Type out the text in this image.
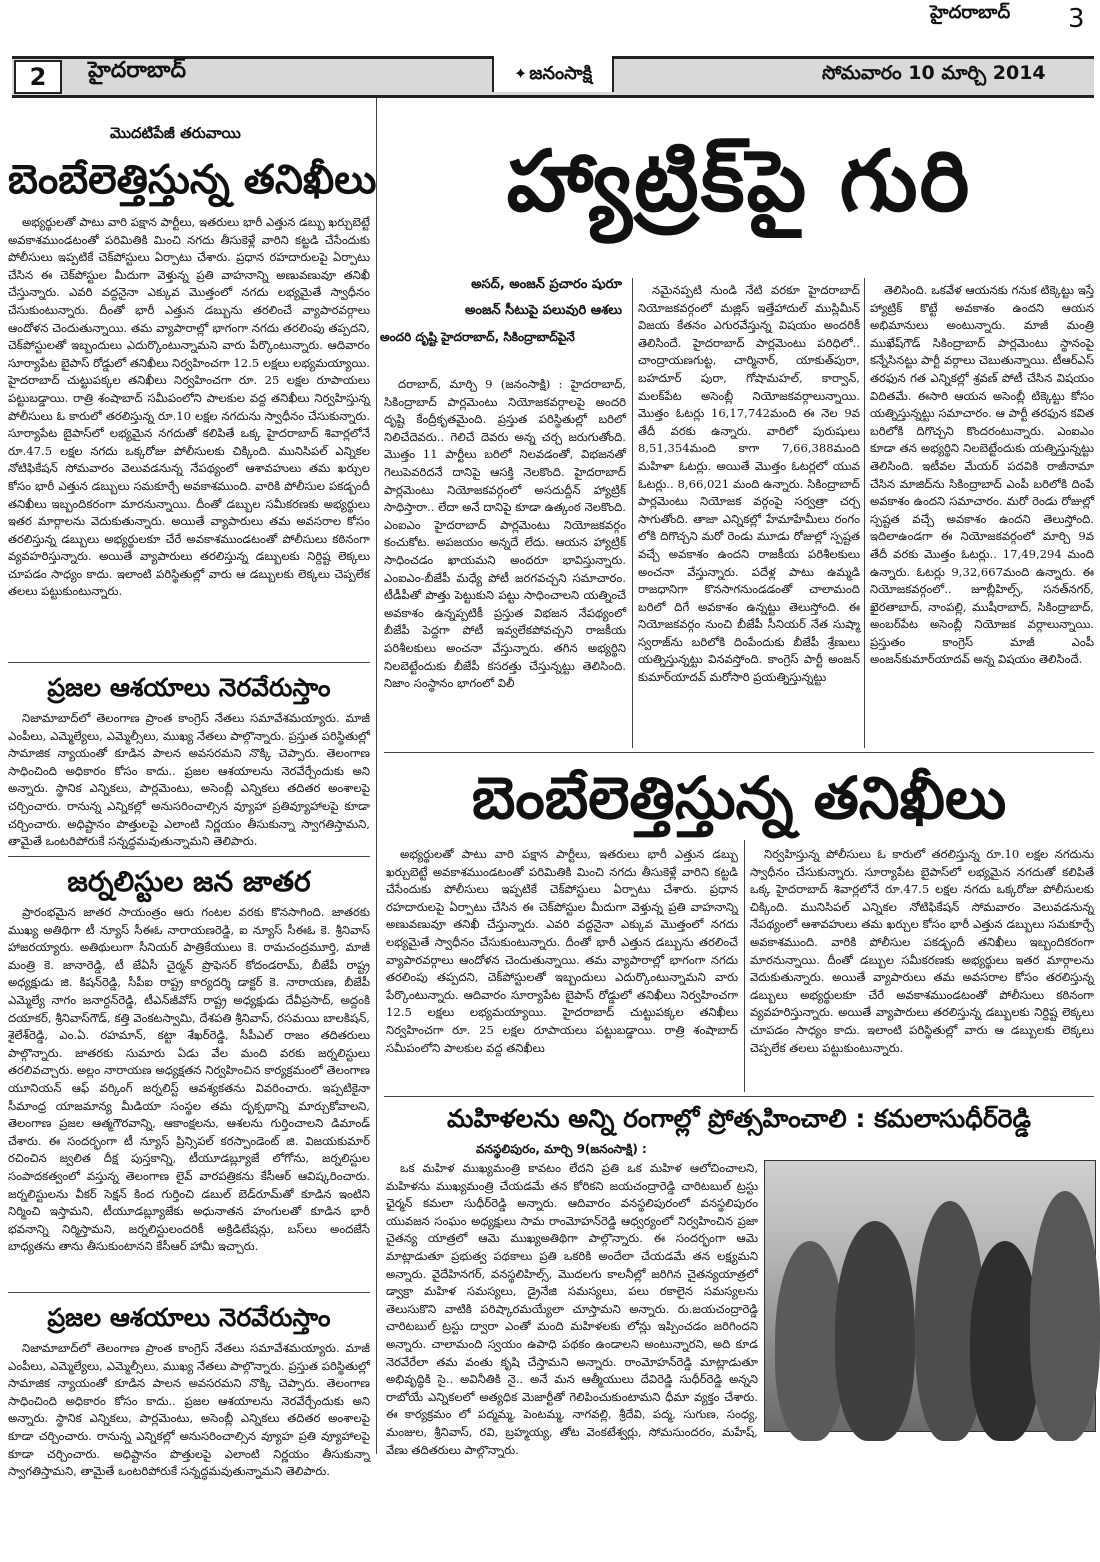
హైదరాబాద్ 3
2	హైదరాబాద్	✦ జనంసాక్షి	సోమవారం 10 మార్చి 2014
మొదటిపేజీ తరువాయి
బెంబేలెత్తిస్తున్న తనిఖీలు

అభ్యర్థులతో పాటు వారి పక్షాన పార్టీలు, ఇతరులు భారీ ఎత్తున డబ్బు ఖర్చుబెట్టే అవకాశముండటంతో పరిమితికి మించి నగదు తీసుకెళ్లే వారిని కట్టడి చేసేందుకు పోలీసులు ఇప్పటికే చెక్‌పోస్టులు ఏర్పాటు చేశారు. ప్రధాన రహదారులపై ఏర్పాటు చేసిన ఈ చెక్‌పోస్టుల మీదుగా వెళ్తున్న ప్రతి వాహనాన్ని అణువణువూ తనిఖీ చేస్తున్నారు. ఎవరి వద్దనైనా ఎక్కువ మొత్తంలో నగదు లభ్యమైతే స్వాధీనం చేసుకుంటున్నారు. దీంతో భారీ ఎత్తున డబ్బును తరలించే వ్యాపారవర్గాలు ఆందోళన చెందుతున్నాయి. తమ వ్యాపారాల్లో భాగంగా నగదు తరలింపు తప్పదని, చెక్‌పోస్టులతో ఇబ్బందులు ఎదుర్కొంటున్నామని వారు పేర్కొంటున్నారు. ఆదివారం సూర్యాపేట బైపాస్ రోడ్డులో తనిఖీలు నిర్వహించగా 12.5 లక్షలు లభ్యమయ్యాయి. హైదరాబాద్ చుట్టుపక్కల తనిఖీలు నిర్వహించగా రూ. 25 లక్షల రూపాయలు పట్టుబడ్డాయి. రాత్రి శంషాబాద్ సమీపంలోని పాలకుల వద్ద తనిఖీలు నిర్వహిస్తున్న పోలీసులు ఓ కారులో తరలిస్తున్న రూ.10 లక్షల నగదును స్వాధీనం చేసుకున్నారు. సూర్యాపేట బైపాస్‌లో లభ్యమైన నగదుతో కలిపితే ఒక్క హైదరాబాద్ శివార్లలోనే రూ.47.5 లక్షల నగదు ఒక్కరోజు పోలీసులకు చిక్కింది. మునిసిపల్ ఎన్నికల నోటిఫికేషన్ సోమవారం వెలువడనున్న నేపథ్యంలో ఆశావహులు తమ ఖర్చుల కోసం భారీ ఎత్తున డబ్బులు సమకూర్చే అవకాశముంది. వారికి పోలీసుల పకడ్బందీ తనిఖీలు ఇబ్బందికరంగా మారనున్నాయి. దీంతో డబ్బుల సమీకరణకు అభ్యర్థులు ఇతర మార్గాలను వెదుకుతున్నారు. అయితే వ్యాపారులు తమ అవసరాల కోసం తరలిస్తున్న డబ్బులు అభ్యర్థులకూ చేరే అవకాశముండటంతో పోలీసులు కఠినంగా వ్యవహరిస్తున్నారు. అయితే వ్యాపారులు తరలిస్తున్న డబ్బులకు నిర్దిష్ట లెక్కలు చూపడం సాధ్యం కాదు. ఇలాంటి పరిస్థితుల్లో వారు ఆ డబ్బులకు లెక్కలు చెప్పలేక తలలు పట్టుకుంటున్నారు.

ప్రజల ఆశయాలు నెరవేరుస్తాం

నిజామాబాద్‌లో తెలంగాణ ప్రాంత కాంగ్రెస్ నేతలు సమావేశమయ్యారు. మాజీ ఎంపీలు, ఎమ్మెల్యేలు, ఎమ్మెల్సీలు, ముఖ్య నేతలు పాల్గొన్నారు. ప్రస్తుత పరిస్థితుల్లో సామాజిక న్యాయంతో కూడిన పాలన అవసరమని నొక్కి చెప్పారు. తెలంగాణ సాధించింది అధికారం కోసం కాదు.. ప్రజల ఆశయాలను నెరవేర్చేందుకు అని అన్నారు. స్థానిక ఎన్నికలు, పార్లమెంటు, అసెంబ్లీ ఎన్నికలు తదితర అంశాలపై చర్చించారు. రానున్న ఎన్నికల్లో అనుసరించాల్సిన వ్యూహా ప్రతివ్యూహాలపై కూడా చర్చించారు. అధిష్టానం పొత్తులపై ఎలాంటి నిర్ణయం తీసుకున్నా స్వాగతిస్తామని, తామైతే ఒంటరిపోరుకే సన్నద్ధమవుతున్నామని తెలిపారు.

జర్నలిస్టుల జన జాతర

ప్రారంభమైన జాతర సాయంత్రం ఆరు గంటల వరకు కొనసాగింది. జాతరకు ముఖ్య అతిథిగా టీ న్యూస్ సీఈఓ నారాయణరెడ్డి, ఐ న్యూస్ సీఈఓ కె. శ్రీనివాస్ హాజరయ్యారు. అతిథులుగా సీనియర్ పాత్రికేయులు కె. రామచంద్రమూర్తి, మాజీ మంత్రి కె. జానారెడ్డి, టీ జేఏసీ చైర్మన్ ప్రొఫెసర్ కోదండరామ్, బీజేపీ రాష్ట్ర అధ్యక్షుడు జి. కిషన్‌రెడ్డి, సీపీఐ రాష్ట్ర కార్యదర్శి డాక్టర్ కె. నారాయణ, బీజేపీ ఎమ్మెల్యే నాగం జనార్దన్‌రెడ్డి, టీఎన్‌జీవోస్ రాష్ట్ర అధ్యక్షుడు దేవీప్రసాద్, అద్దంకి దయాకర్, శ్రీనివాస్‌గౌడ్, కత్తి వెంకటస్వామి, దేశపతి శ్రీనివాస్, రసమయి బాలకిషన్, శైలేశ్‌రెడ్డి, ఎం.ఏ. రహమాన్, కట్టా శేఖర్‌రెడ్డి, సీపీఎల్ రాజం తదితరులు పాల్గొన్నారు. జాతరకు సుమారు ఏడు వేల మంది వరకు జర్నలిస్టులు తరలివచ్చారు. అల్లం నారాయణ అధ్యక్షతన నిర్వహించిన కార్యక్రమంలో తెలంగాణ యూనియన్ ఆఫ్ వర్కింగ్ జర్నలిస్ట్ ఆవశ్యకతను వివరించారు. ఇప్పటికైనా సీమాంధ్ర యాజమాన్య మీడియా సంస్థల తమ దృక్పథాన్ని మార్చుకోవాలని, తెలంగాణ ప్రజల ఆత్మగౌరవాన్ని, ఆకాంక్షలను, ఆశలను గుర్తించాలని డిమాండ్ చేశారు. ఈ సందర్భంగా టీ న్యూస్ ప్రిన్సిపల్ కరస్పాండెంట్ జి. విజయకుమార్ రచించిన జ్వలిత దీక్ష పుస్తకాన్ని, టీయూడబ్ల్యూజే లోగోను, జర్నలిస్టుల సంపాదకత్వంలో వస్తున్న తెలంగాణ లైవ్ వారపత్రికను కేసీఆర్ ఆవిష్కరించారు. జర్నలిస్టులను వీకర్ సెక్షన్ కింద గుర్తించి డబుల్ బెడ్‌రూమ్‌తో కూడిన ఇంటిని నిర్మించి ఇస్తామని, టీయూడబ్ల్యూజేకు అధునాతన హంగులతో కూడిన భారీ భవనాన్ని నిర్మిస్తామని, జర్నలిస్టులందరికీ అక్రిడిటేషన్లు, బస్‌లు అందజేసే బాధ్యతను తాను తీసుకుంటానని కేసీఆర్ హామీ ఇచ్చారు.

ప్రజల ఆశయాలు నెరవేరుస్తాం

నిజామాబాద్‌లో తెలంగాణ ప్రాంత కాంగ్రెస్ నేతలు సమావేశమయ్యారు. మాజీ ఎంపీలు, ఎమ్మెల్యేలు, ఎమ్మెల్సీలు, ముఖ్య నేతలు పాల్గొన్నారు. ప్రస్తుత పరిస్థితుల్లో సామాజిక న్యాయంతో కూడిన పాలన అవసరమని నొక్కి చెప్పారు. తెలంగాణ సాధించింది అధికారం కోసం కాదు.. ప్రజల ఆశయాలను నెరవేర్చేందుకు అని అన్నారు. స్థానిక ఎన్నికలు, పార్లమెంటు, అసెంబ్లీ ఎన్నికలు తదితర అంశాలపై కూడా చర్చించారు. రానున్న ఎన్నికల్లో అనుసరించాల్సిన వ్యూహ ప్రతి వ్యూహాలపై కూడా చర్చించారు. అధిష్టానం పొత్తులపై ఎలాంటి నిర్ణయం తీసుకున్నా స్వాగతిస్తామని, తామైతే ఒంటరిపోరుకే సన్నద్ధమవుతున్నామని తెలిపారు.

హ్యాట్రిక్‌పై గురి
అసద్, అంజన్ ప్రచారం షురూ
అంజన్ సీటుపై పలువురి ఆశలు
అందరి దృష్టి హైదరాబాద్, సికింద్రాబాద్‌పైనే

దరాబాద్, మార్చి 9 (జనంసాక్షి) : హైదరాబాద్, సికింద్రాబాద్ పార్లమెంటు నియోజకవర్గాలపై అందరి దృష్టి కేంద్రీకృతమైంది. ప్రస్తుత పరిస్థితుల్లో బరిలో నిలిచేదెవరు.. గెలిచే దెవరు అన్న చర్చ జరుగుతోంది. మొత్తం 11 పార్టీలు బరిలో నిలవడంతో, విభజనతో గెలుపెవరిదనే దానిపై ఆసక్తి నెలకొంది. హైదరాబాద్ పార్లమెంటు నియోజకవర్గంలో అసదుద్దీన్ హ్యాట్రిక్ సాధిస్తారా.. లేదా అనే దానిపై కూడా ఉత్కంఠ నెలకొంది. ఎంఐఎం హైదరాబాద్ పార్లమెంటు నియోజకవర్గం కంచుకోట. అపజయం అన్నదే లేదు. ఆయన హ్యాట్రిక్ సాధించడం ఖాయమని అందరూ భావిస్తున్నారు. ఎంఐఎం-బీజేపీ మధ్యే పోటీ జరగవచ్చని సమాచారం. టీడీపీతో పొత్తు పెట్టుకుని పట్టు సాధించాలని యత్నించే అవకాశం ఉన్నప్పటికీ ప్రస్తుత విభజన నేపథ్యంలో బీజేపీ పెద్దగా పోటీ ఇవ్వలేకపోవచ్చని రాజకీయ పరిశీలకులు అంచనా వేస్తున్నారు. తగిన అభ్యర్థిని నిలబెట్టేందుకు బీజేపీ కసరత్తు చేస్తున్నట్టు తెలిసింది. నిజాం సంస్థానం భాగంలో విలీ

నమైనప్పటి నుండి నేటి వరకూ హైదరాబాద్ నియోజకవర్గంలో మజ్లిస్ ఇత్తేహాదుల్ ముస్లిమీన్ విజయ కేతనం ఎగురవేస్తున్న విషయం అందరికీ తెలిసిందే. హైదరాబాద్ పార్లమెంటు పరిధిలో.. చాంద్రాయణగుట్ట, చార్మినార్, యాకుత్‌పురా, బహదూర్ పురా, గోషామహల్, కార్వాన్, మలక్‌పేట అసెంబ్లీ నియోజకవర్గాలున్నాయి. మొత్తం ఓటర్లు 16,17,742మంది ఈ నెల 9వ తేదీ వరకు ఉన్నారు. వారిలో పురుషులు 8,51,354మంది కాగా 7,66,388మంది మహిళా ఓటర్లు. అయితే మొత్తం ఓటర్లలో యువ ఓటర్లు.. 8,66,021 మంది ఉన్నారు. సికింద్రాబాద్ పార్లమెంటు నియోజక వర్గంపై సర్వత్రా చర్చ సాగుతోంది. తాజా ఎన్నికల్లో హేమాహేమీలు రంగం లోకి దిగొచ్చని మరో రెండు మూడు రోజుల్లో స్పష్టత వచ్చే అవకాశం ఉందని రాజకీయ పరిశీలకులు అంచనా వేస్తున్నారు. పదేళ్ల పాటు ఉమ్మడి రాజధానిగా కొనసాగనుండడంతో చాలామంది బరిలో దిగే అవకాశం ఉన్నట్టు తెలుస్తోంది. ఈ నియోజకవర్గం నుంచి బీజేపీ సీనియర్ నేత సుష్మా స్వరాజ్‌ను బరిలోకి దింపేందుకు బీజేపీ శ్రేణులు యత్నిస్తున్నట్టు వినవస్తోంది. కాంగ్రెస్ పార్టీ అంజన్ కుమార్‌యాదవ్ మరోసారి ప్రయత్నిస్తున్నట్టు

తెలిసింది. ఒకవేళ ఆయనకు గనుక టిక్కెట్టు ఇస్తే హ్యాట్రిక్ కొట్టే అవకాశం ఉందని ఆయన అభిమానులు అంటున్నారు. మాజీ మంత్రి ముఖేష్‌గౌడ్ సికింద్రాబాద్ పార్లమెంటు స్థానంపై కన్నేసినట్టు పార్టీ వర్గాలు చెబుతున్నాయి. టీఆర్ఎస్ తరఫున గత ఎన్నికల్లో శ్రవణ్ పోటీ చేసిన విషయం విదితమే. ఈసారి ఆయన అసెంబ్లీ టిక్కెట్టు కోసం యత్నిస్తున్నట్టు సమాచారం. ఆ పార్టీ తరఫున కవిత బరిలోకి దిగొచ్చని కొందరంటున్నారు. ఎంఐఎం కూడా తన అభ్యర్థిని నిలబెట్టేందుకు యత్నిస్తున్నట్టు తెలిసింది. ఇటీవల మేయర్ పదవికి రాజీనామా చేసిన మాజిద్‌ను సికింద్రాబాద్ ఎంపీ బరిలోకి దింపే అవకాశం ఉందని సమాచారం. మరో రెండు రోజుల్లో స్పష్టత వచ్చే అవకాశం ఉందని తెలుస్తోంది. ఇదిలాఉండగా ఈ నియోజకవర్గంలో మార్చి 9వ తేదీ వరకు మొత్తం ఓటర్లు.. 17,49,294 మంది ఉన్నారు. ఓటర్లు 9,32,667మంది ఉన్నారు. ఈ నియోజకవర్గంలో.. జూబ్లీహిల్స్, సనత్‌నగర్, ఖైరతాబాద్, నాంపల్లి, ముషీరాబాద్, సికింద్రాబాద్, అంబర్‌పేట అసెంబ్లీ నియోజక వర్గాలున్నాయి. ప్రస్తుతం కాంగ్రెస్ మాజీ ఎంపీ అంజన్‌కుమార్‌యాదవ్ అన్న విషయం తెలిసిందే.

బెంబేలెత్తిస్తున్న తనిఖీలు

అభ్యర్థులతో పాటు వారి పక్షాన పార్టీలు, ఇతరులు భారీ ఎత్తున డబ్బు ఖర్చుబెట్టే అవకాశముండటంతో పరిమితికి మించి నగదు తీసుకెళ్లే వారిని కట్టడి చేసేందుకు పోలీసులు ఇప్పటికే చెక్‌పోస్టులు ఏర్పాటు చేశారు. ప్రధాన రహదారులపై ఏర్పాటు చేసిన ఈ చెక్‌పోస్టుల మీదుగా వెళ్తున్న ప్రతి వాహనాన్ని అణువణువూ తనిఖీ చేస్తున్నారు. ఎవరి వద్దనైనా ఎక్కువ మొత్తంలో నగదు లభ్యమైతే స్వాధీనం చేసుకుంటున్నారు. దీంతో భారీ ఎత్తున డబ్బును తరలించే వ్యాపారవర్గాలు ఆందోళన చెందుతున్నాయి. తమ వ్యాపారాల్లో భాగంగా నగదు తరలింపు తప్పదని, చెక్‌పోస్టులతో ఇబ్బందులు ఎదుర్కొంటున్నామని వారు పేర్కొంటున్నారు. ఆదివారం సూర్యాపేట బైపాస్ రోడ్డులో తనిఖీలు నిర్వహించగా 12.5 లక్షలు లభ్యమయ్యాయి. హైదరాబాద్ చుట్టుపక్కల తనిఖీలు నిర్వహించగా రూ. 25 లక్షల రూపాయలు పట్టుబడ్డాయి. రాత్రి శంషాబాద్ సమీపంలోని పాలకుల వద్ద తనిఖీలు

నిర్వహిస్తున్న పోలీసులు ఓ కారులో తరలిస్తున్న రూ.10 లక్షల నగదును స్వాధీనం చేసుకున్నారు. సూర్యాపేట బైపాస్‌లో లభ్యమైన నగదుతో కలిపితే ఒక్క హైదరాబాద్ శివార్లలోనే రూ.47.5 లక్షల నగదు ఒక్కరోజు పోలీసులకు చిక్కింది. మునిసిపల్ ఎన్నికల నోటిఫికేషన్ సోమవారం వెలువడనున్న నేపథ్యంలో ఆశావహులు తమ ఖర్చుల కోసం భారీ ఎత్తున డబ్బులు సమకూర్చే అవకాశముంది. వారికి పోలీసుల పకడ్బందీ తనిఖీలు ఇబ్బందికరంగా మారనున్నాయి. దీంతో డబ్బుల సమీకరణకు అభ్యర్థులు ఇతర మార్గాలను వెదుకుతున్నారు. అయితే వ్యాపారులు తమ అవసరాల కోసం తరలిస్తున్న డబ్బులు అభ్యర్థులకూ చేరే అవకాశముండటంతో పోలీసులు కఠినంగా వ్యవహరిస్తున్నారు. అయితే వ్యాపారులు తరలిస్తున్న డబ్బులకు నిర్దిష్ట లెక్కలు చూపడం సాధ్యం కాదు. ఇలాంటి పరిస్థితుల్లో వారు ఆ డబ్బులకు లెక్కలు చెప్పలేక తలలు పట్టుకుంటున్నారు.

మహిళలను అన్ని రంగాల్లో ప్రోత్సహించాలి : కమలాసుధీర్‌రెడ్డి
వనస్థలిపురం, మార్చి 9(జనంసాక్షి) :

ఒక మహిళ ముఖ్యమంత్రి కావటం లేదని ప్రతి ఒక మహిళ ఆలోచించాలని, మహిళను ముఖ్యమంత్రి చేయడమే తన కోరికని జయచంద్రారెడ్డి చారిటబుల్ ట్రస్టు ఛైర్మన్ కమలా సుధీర్‌రెడ్డి అన్నారు. ఆదివారం వనస్థలిపురంలో వనస్థలిపురం యువజన సంఘం అధ్యక్షులు సామ రాంమోహన్‌రెడ్డి ఆధ్వర్యంలో నిర్వహించిన ప్రజా చైతన్య యాత్రలో ఆమె ముఖ్యఅతిథిగా పాల్గొన్నారు. ఈ సందర్భంగా ఆమె మాట్లాడుతూ ప్రభుత్వ పథకాలు ప్రతి ఒకరికి అందేలా చేయడమే తన లక్ష్యమని అన్నారు. వైదేహినగర్, వనస్థలిహిల్స్, మొదలగు కాలనీల్లో జరిగిన చైతన్యయాత్రలో డ్వాక్రా మహిళ సమస్యలు, డ్రైనేజి సమస్యలు, పలు రకాలైన సమస్యలను తెలుసుకొని వాటికి పరిష్కారమయ్యేలా చూస్తామని అన్నారు. రు.జయచంద్రారెడ్డి చారిటబుల్ ట్రస్టు ద్వారా ఎంతో మంది మహిళలకు లోన్లు ఇప్పించడం జరిగిందని అన్నారు. చాలామంది స్వయం ఉపాధి పథకం ఉండాలని అంటున్నారని, అది కూడ నెరవేరేలా తమ వంతు కృషి చేస్తామని అన్నారు. రాంమోహన్‌రెడ్డి మాట్లాడుతూ అభివృద్ధికి సై.. అవినీతికి నై.. అనే మన ఆత్మీయులు దేవిరెడ్డి సుధీర్‌రెడ్డి అన్నని రాబోయే ఎన్నికలలో అత్యధిక మెజార్టీతో గెలిపించుకుంటామని ధీమా వ్యక్తం చేశారు. ఈ కార్యక్రమం లో పద్మమ్మ, పెంటమ్మ, నాగవల్లి, శ్రీదేవి, పద్మ, సుగుణ, సంధ్య, మంజుల, శ్రీనివాస్, రవి, బ్రహ్మయ్య, తోట వెంకటేశ్వర్లు, సోమసుందరం, మహేష్, వేణు తదితరులు పాల్గొన్నారు.
